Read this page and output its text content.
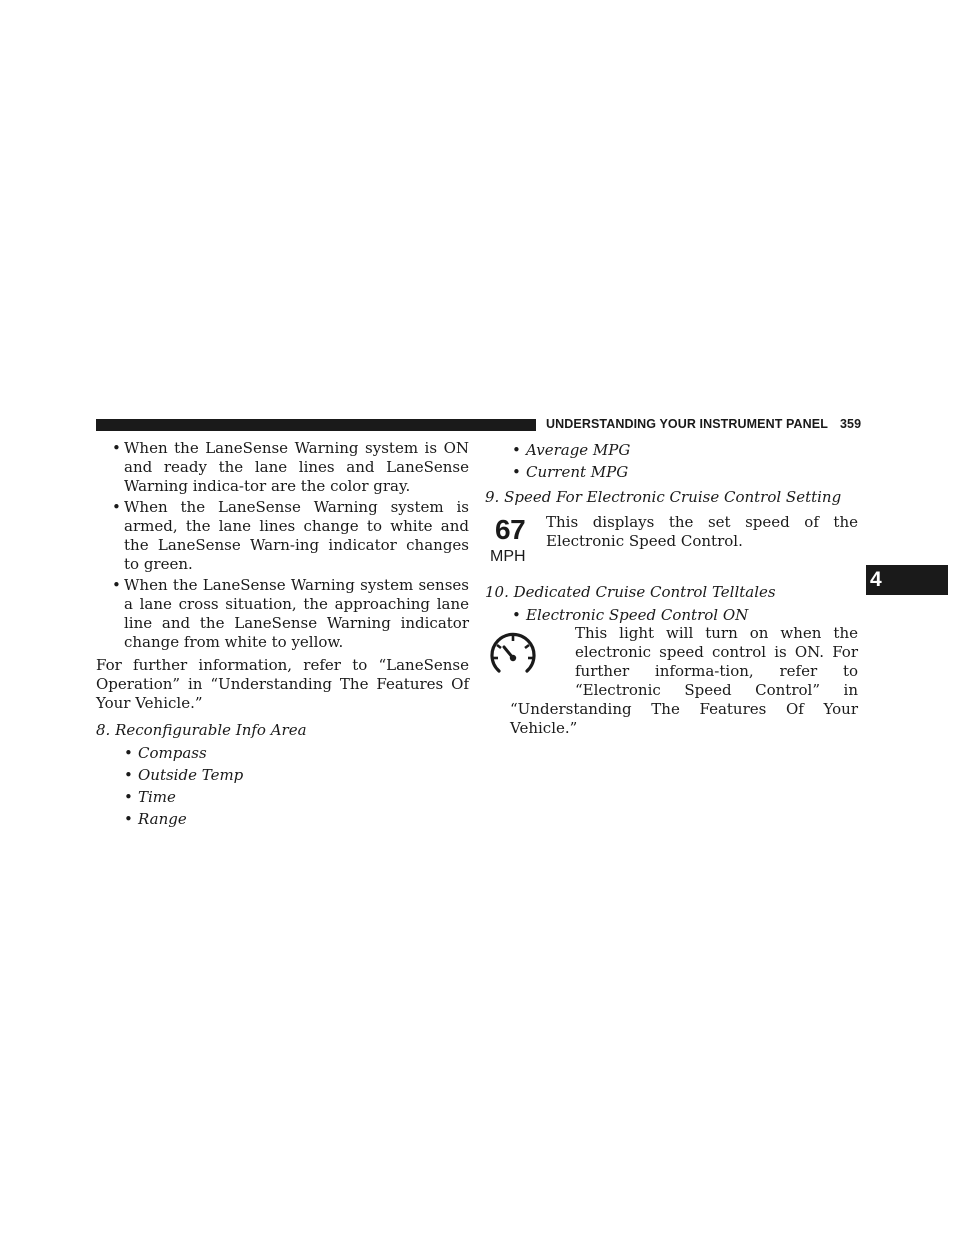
UNDERSTANDING YOUR INSTRUMENT PANEL 359
4
• When the LaneSense Warning system is ON and ready the lane lines and LaneSense Warning indica-tor are the color gray.
• When the LaneSense Warning system is armed, the lane lines change to white and the LaneSense Warn-ing indicator changes to green.
• When the LaneSense Warning system senses a lane cross situation, the approaching lane line and the LaneSense Warning indicator change from white to yellow.
For further information, refer to “LaneSense Operation” in “Understanding The Features Of Your Vehicle.”
8. Reconfigurable Info Area
• Compass
• Outside Temp
• Time
• Range
• Average MPG
• Current MPG
9. Speed For Electronic Cruise Control Setting
67
MPH
This displays the set speed of the Electronic Speed Control.
10. Dedicated Cruise Control Telltales
• Electronic Speed Control ON
This light will turn on when the electronic speed control is ON. For further informa-tion, refer to “Electronic Speed Control” in “Understanding The Features Of Your Vehicle.”
